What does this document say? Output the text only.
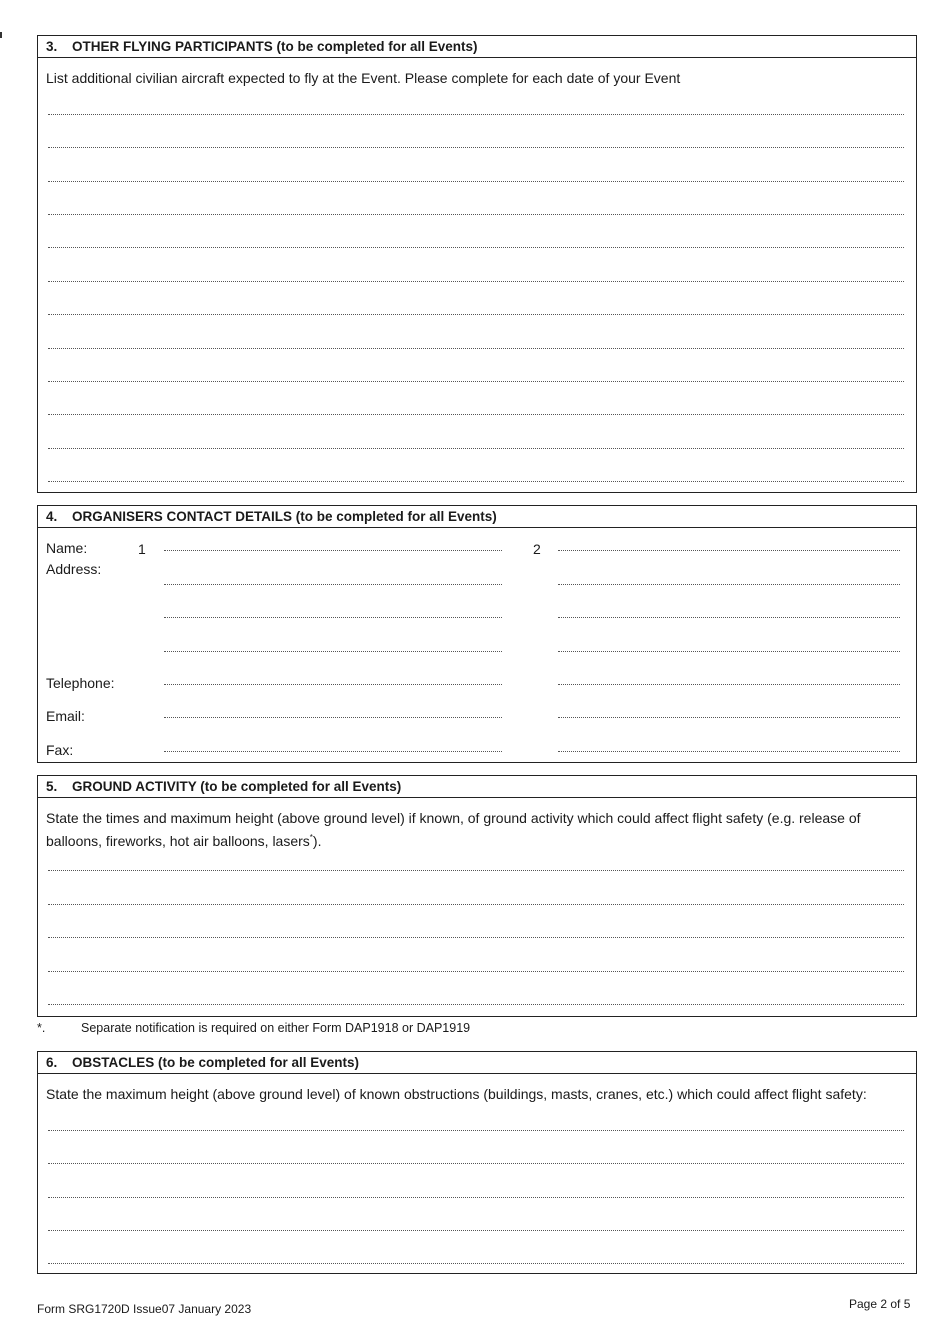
3. OTHER FLYING PARTICIPANTS (to be completed for all Events)
List additional civilian aircraft expected to fly at the Event. Please complete for each date of your Event
4. ORGANISERS CONTACT DETAILS (to be completed for all Events)
Name:
Address:
Telephone:
Email:
Fax:
1	2
5. GROUND ACTIVITY (to be completed for all Events)
State the times and maximum height (above ground level) if known, of ground activity which could affect flight safety (e.g. release of balloons, fireworks, hot air balloons, lasers*).
*.	Separate notification is required on either Form DAP1918 or DAP1919
6. OBSTACLES (to be completed for all Events)
State the maximum height (above ground level) of known obstructions (buildings, masts, cranes, etc.) which could affect flight safety:
Form SRG1720D Issue07 January 2023	Page 2 of 5
